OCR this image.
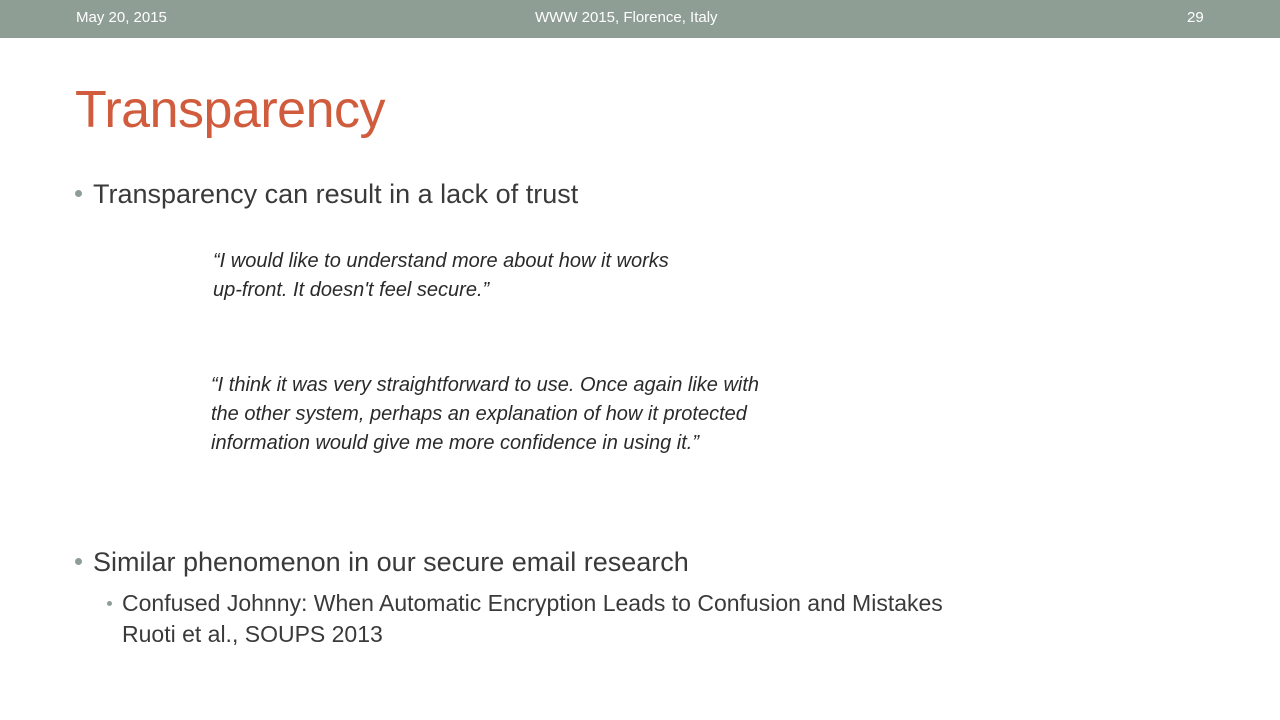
May 20, 2015	WWW 2015, Florence, Italy	29
Transparency
Transparency can result in a lack of trust
“I would like to understand more about how it works
up-front. It doesn't feel secure.”
“I think it was very straightforward to use. Once again like with
the other system, perhaps an explanation of how it protected
information would give me more confidence in using it.”
Similar phenomenon in our secure email research
Confused Johnny: When Automatic Encryption Leads to Confusion and Mistakes
Ruoti et al., SOUPS 2013
